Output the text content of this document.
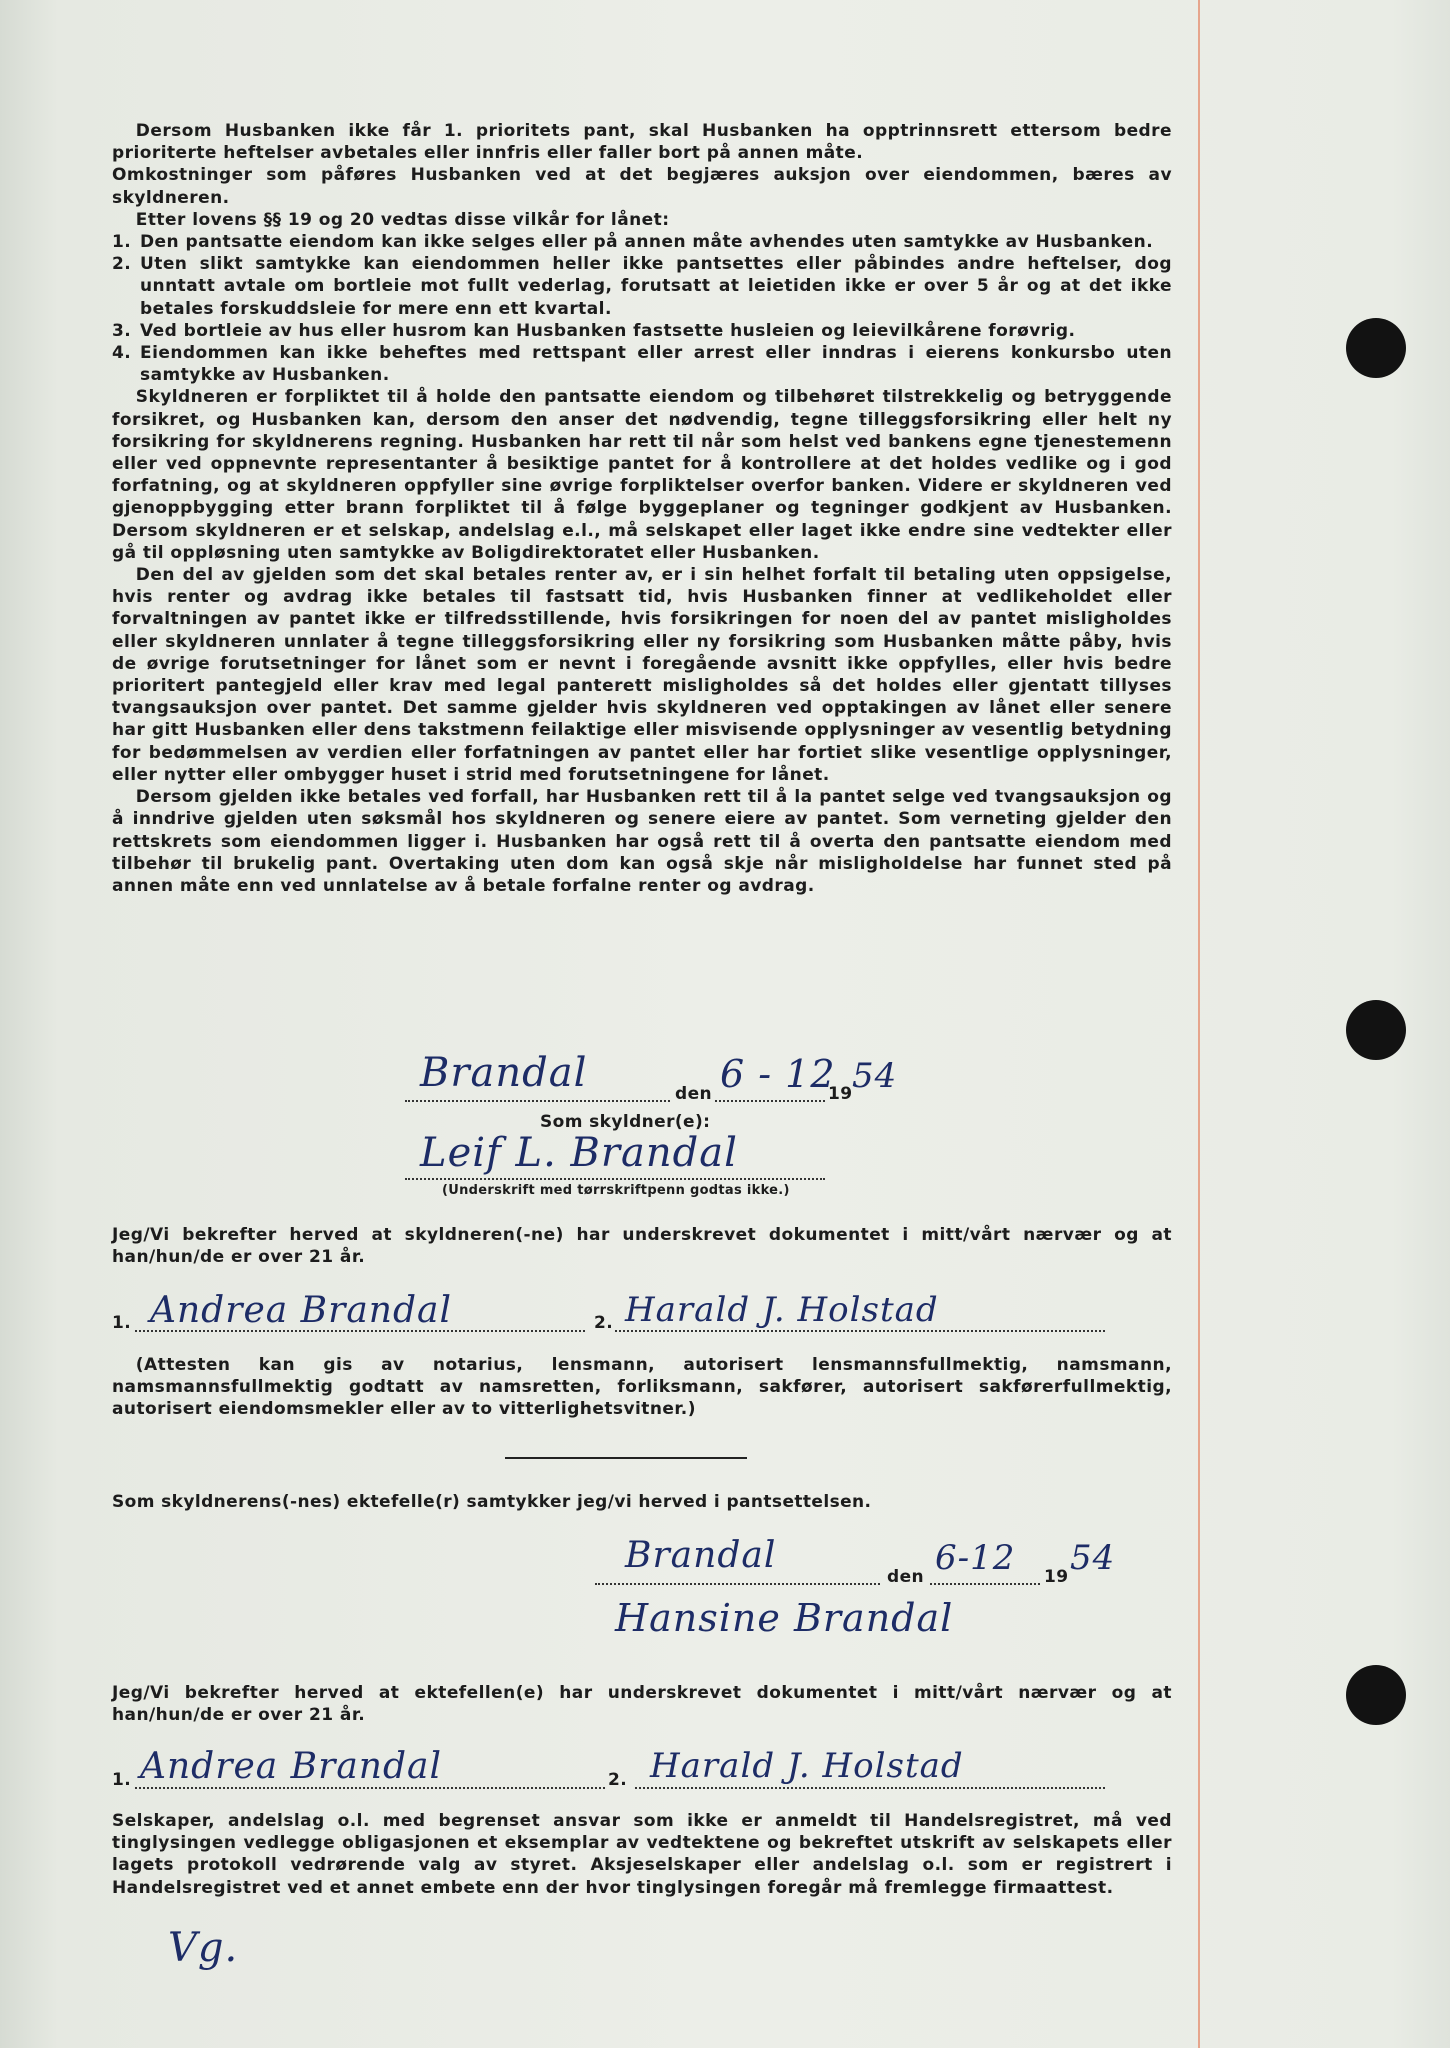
Dersom Husbanken ikke får 1. prioritets pant, skal Husbanken ha opptrinnsrett ettersom bedre prioriterte heftelser avbetales eller innfris eller faller bort på annen måte.

Omkostninger som påføres Husbanken ved at det begjæres auksjon over eiendommen, bæres av skyldneren.

Etter lovens §§ 19 og 20 vedtas disse vilkår for lånet:

1. Den pantsatte eiendom kan ikke selges eller på annen måte avhendes uten samtykke av Husbanken.
2. Uten slikt samtykke kan eiendommen heller ikke pantsettes eller påbindes andre heftelser, dog unntatt avtale om bortleie mot fullt vederlag, forutsatt at leietiden ikke er over 5 år og at det ikke betales forskuddsleie for mere enn ett kvartal.
3. Ved bortleie av hus eller husrom kan Husbanken fastsette husleien og leievilkårene forøvrig.
4. Eiendommen kan ikke beheftes med rettspant eller arrest eller inndras i eierens konkursbo uten samtykke av Husbanken.

Skyldneren er forpliktet til å holde den pantsatte eiendom og tilbehøret tilstrekkelig og betryggende forsikret, og Husbanken kan, dersom den anser det nødvendig, tegne tilleggsforsikring eller helt ny forsikring for skyldnerens regning. Husbanken har rett til når som helst ved bankens egne tjenestemenn eller ved oppnevnte representanter å besiktige pantet for å kontrollere at det holdes vedlike og i god forfatning, og at skyldneren oppfyller sine øvrige forpliktelser overfor banken. Videre er skyldneren ved gjenoppbygging etter brann forpliktet til å følge byggeplaner og tegninger godkjent av Husbanken. Dersom skyldneren er et selskap, andelslag e.l., må selskapet eller laget ikke endre sine vedtekter eller gå til oppløsning uten samtykke av Boligdirektoratet eller Husbanken.

Den del av gjelden som det skal betales renter av, er i sin helhet forfalt til betaling uten oppsigelse, hvis renter og avdrag ikke betales til fastsatt tid, hvis Husbanken finner at vedlikeholdet eller forvaltningen av pantet ikke er tilfredsstillende, hvis forsikringen for noen del av pantet misligholdes eller skyldneren unnlater å tegne tilleggsforsikring eller ny forsikring som Husbanken måtte påby, hvis de øvrige forutsetninger for lånet som er nevnt i foregående avsnitt ikke oppfylles, eller hvis bedre prioritert pantegjeld eller krav med legal panterett misligholdes så det holdes eller gjentatt tillyses tvangsauksjon over pantet. Det samme gjelder hvis skyldneren ved opptakingen av lånet eller senere har gitt Husbanken eller dens takstmenn feilaktige eller misvisende opplysninger av vesentlig betydning for bedømmelsen av verdien eller forfatningen av pantet eller har fortiet slike vesentlige opplysninger, eller nytter eller ombygger huset i strid med forutsetningene for lånet.

Dersom gjelden ikke betales ved forfall, har Husbanken rett til å la pantet selge ved tvangsauksjon og å inndrive gjelden uten søksmål hos skyldneren og senere eiere av pantet. Som verneting gjelder den rettskrets som eiendommen ligger i. Husbanken har også rett til å overta den pantsatte eiendom med tilbehør til brukelig pant. Overtaking uten dom kan også skje når misligholdelse har funnet sted på annen måte enn ved unnlatelse av å betale forfalne renter og avdrag.

Brandal	den 6 - 12
19 54
Som skyldner(e):
Leif L. Brandal
(Underskrift med tørrskriftpenn godtas ikke.)

Jeg/Vi bekrefter herved at skyldneren(-ne) har underskrevet dokumentet i mitt/vårt nærvær og at han/hun/de er over 21 år.

1. Andrea Brandal	2. Harald J. Holstad

(Attesten kan gis av notarius, lensmann, autorisert lensmannsfullmektig, namsmann, namsmannsfullmektig godtatt av namsretten, forliksmann, sakfører, autorisert sakførerfullmektig, autorisert eiendomsmekler eller av to vitterlighetsvitner.)

Som skyldnerens(-nes) ektefelle(r) samtykker jeg/vi herved i pantsettelsen.
Brandal
den 6-12 19 54
Hansine Brandal

Jeg/Vi bekrefter herved at ektefellen(e) har underskrevet dokumentet i mitt/vårt nærvær og at han/hun/de er over 21 år.

1. Andrea Brandal	2. Harald J. Holstad

Selskaper, andelslag o.l. med begrenset ansvar som ikke er anmeldt til Handelsregistret, må ved tinglysingen vedlegge obligasjonen et eksemplar av vedtektene og bekreftet utskrift av selskapets eller lagets protokoll vedrørende valg av styret. Aksjeselskaper eller andelslag o.l. som er registrert i Handelsregistret ved et annet embete enn der hvor tinglysingen foregår må fremlegge firmaattest.

Vg.
